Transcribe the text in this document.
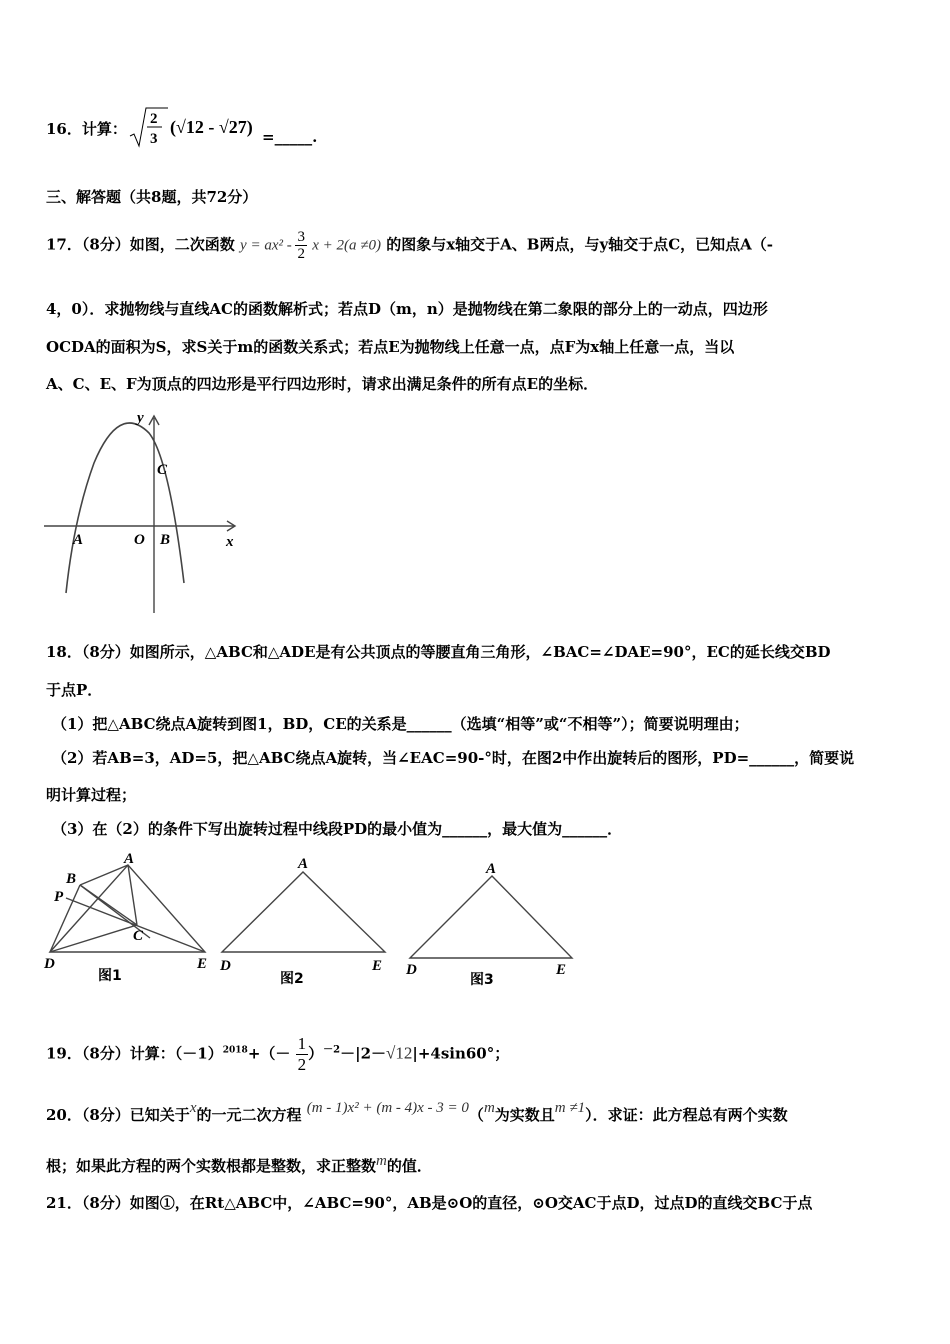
16．计算：
2
3
(√12 - √27) =_____.
三、解答题（共8题，共72分）
17．（8分）如图，二次函数 $y = ax^2 - \frac{3}{2}$ x + 2(a ≠0) 的图象与x轴交于A、B两点，与y轴交于点C，已知点A（-
4，0）．求抛物线与直线AC的函数解析式；若点D（m，n）是抛物线在第二象限的部分上的一动点，四边形
OCDA的面积为S，求S关于m的函数关系式；若点E为抛物线上任意一点，点F为x轴上任意一点，当以
A、C、E、F为顶点的四边形是平行四边形时，请求出满足条件的所有点E的坐标．
y
x
A	O B
C
18．（8分）如图所示，△ABC和△ADE是有公共顶点的等腰直角三角形，∠BAC=∠DAE=90°，EC的延长线交BD
于点P．
（1）把△ABC绕点A旋转到图1，BD，CE的关系是______（选填“相等”或“不相等”）；简要说明理由；
（2）若AB=3，AD=5，把△ABC绕点A旋转，当∠EAC=90-°时，在图2中作出旋转后的图形，PD=______，简要说
明计算过程；
（3）在（2）的条件下写出旋转过程中线段PD的最小值为______，最大值为______．
A
B
P
C
D	E
图1
A
D	E
图2
A
D	E
图3
19．（8分）计算：$(-1)^{2018}+(- \frac{1}{2} )^{-2}-|2-√12|+4\sin 60^\circ$；
20．（8分）已知关于x的一元二次方程 (m - 1)x² + (m - 4)x - 3 = 0（m为实数且m ≠1）．求证：此方程总有两个实数
根；如果此方程的两个实数根都是整数，求正整数m的值．
21．（8分）如图①，在Rt△ABC中，∠ABC=90°，AB是⊙O的直径，⊙O交AC于点D，过点D的直线交BC于点
